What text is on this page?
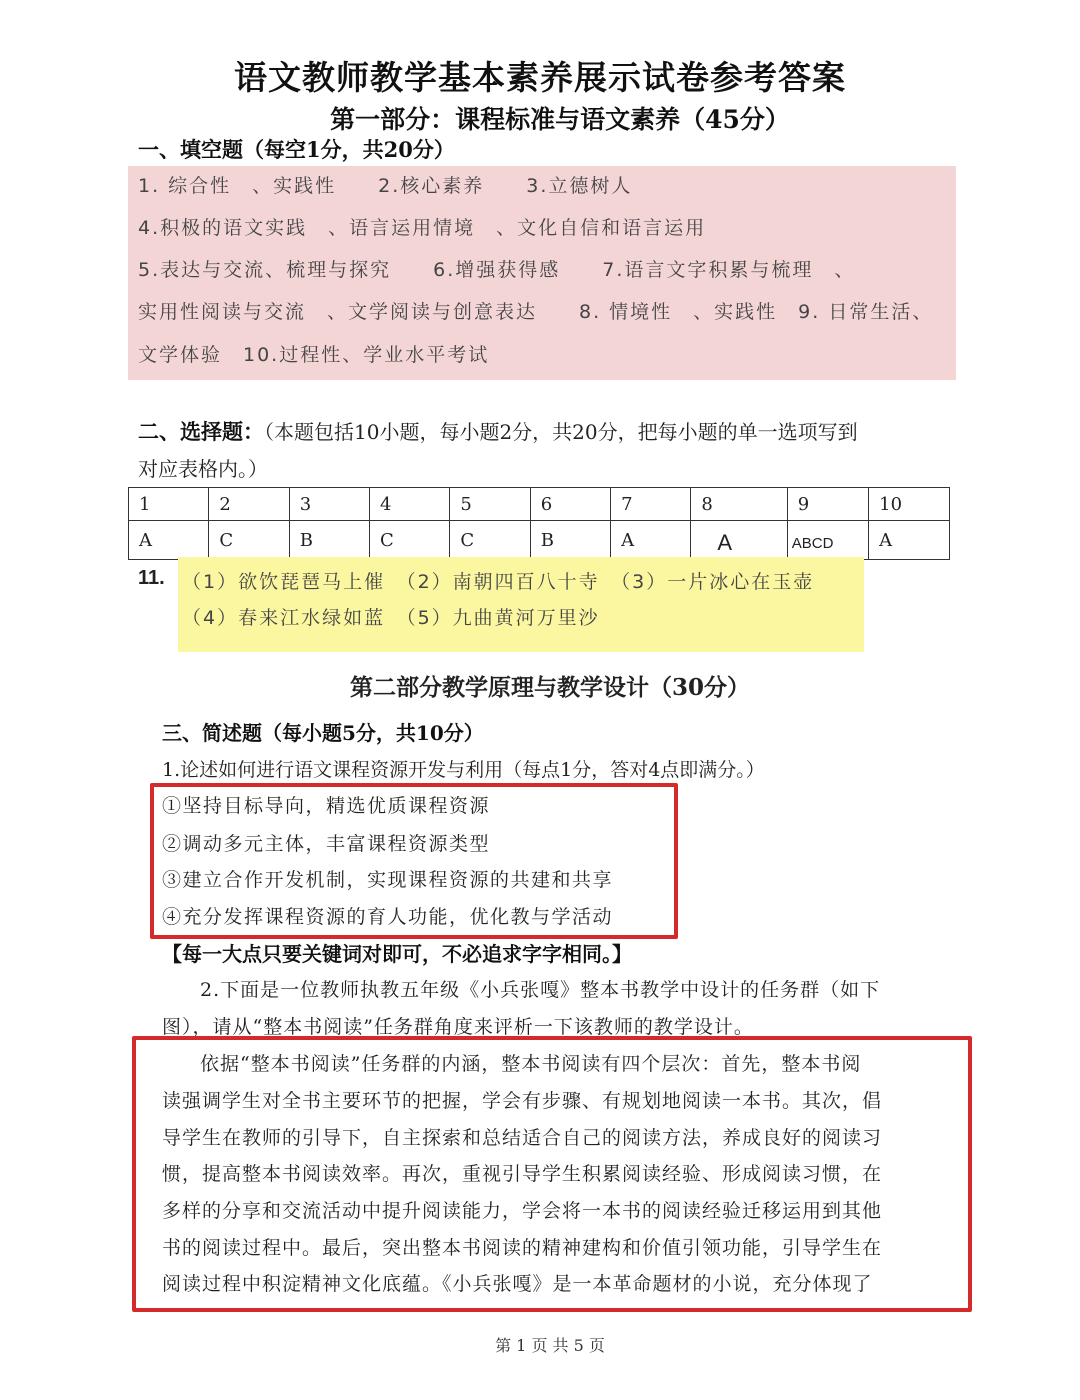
语文教师教学基本素养展示试卷参考答案
第一部分：课程标准与语文素养（45分）
一、填空题（每空1分，共20分）
1. 综合性　、实践性　　2.核心素养　　3.立德树人
4.积极的语文实践　、语言运用情境　、文化自信和语言运用
5.表达与交流、梳理与探究　　6.增强获得感　　7.语言文字积累与梳理　、
实用性阅读与交流　、文学阅读与创意表达　　8. 情境性　、实践性　9. 日常生活、
文学体验　10.过程性、学业水平考试
二、选择题：（本题包括10小题，每小题2分，共20分，把每小题的单一选项写到
对应表格内。）
1	2	3	4	5	6	7	8	9	10
A	C	B	C	C	B	A	A	ABCD	A
11. （1）欲饮琵琶马上催　（2）南朝四百八十寺　（3）一片冰心在玉壶
（4）春来江水绿如蓝　（5）九曲黄河万里沙
第二部分教学原理与教学设计（30分）
三、简述题（每小题5分，共10分）
1.论述如何进行语文课程资源开发与利用（每点1分，答对4点即满分。）
①坚持目标导向，精选优质课程资源
②调动多元主体，丰富课程资源类型
③建立合作开发机制，实现课程资源的共建和共享
④充分发挥课程资源的育人功能，优化教与学活动
【每一大点只要关键词对即可，不必追求字字相同。】
2.下面是一位教师执教五年级《小兵张嘎》整本书教学中设计的任务群（如下
图），请从“整本书阅读”任务群角度来评析一下该教师的教学设计。
依据“整本书阅读”任务群的内涵，整本书阅读有四个层次：首先，整本书阅
读强调学生对全书主要环节的把握，学会有步骤、有规划地阅读一本书。其次，倡
导学生在教师的引导下，自主探索和总结适合自己的阅读方法，养成良好的阅读习
惯，提高整本书阅读效率。再次，重视引导学生积累阅读经验、形成阅读习惯，在
多样的分享和交流活动中提升阅读能力，学会将一本书的阅读经验迁移运用到其他
书的阅读过程中。最后，突出整本书阅读的精神建构和价值引领功能，引导学生在
阅读过程中积淀精神文化底蕴。《小兵张嘎》是一本革命题材的小说，充分体现了
第 1 页 共 5 页
